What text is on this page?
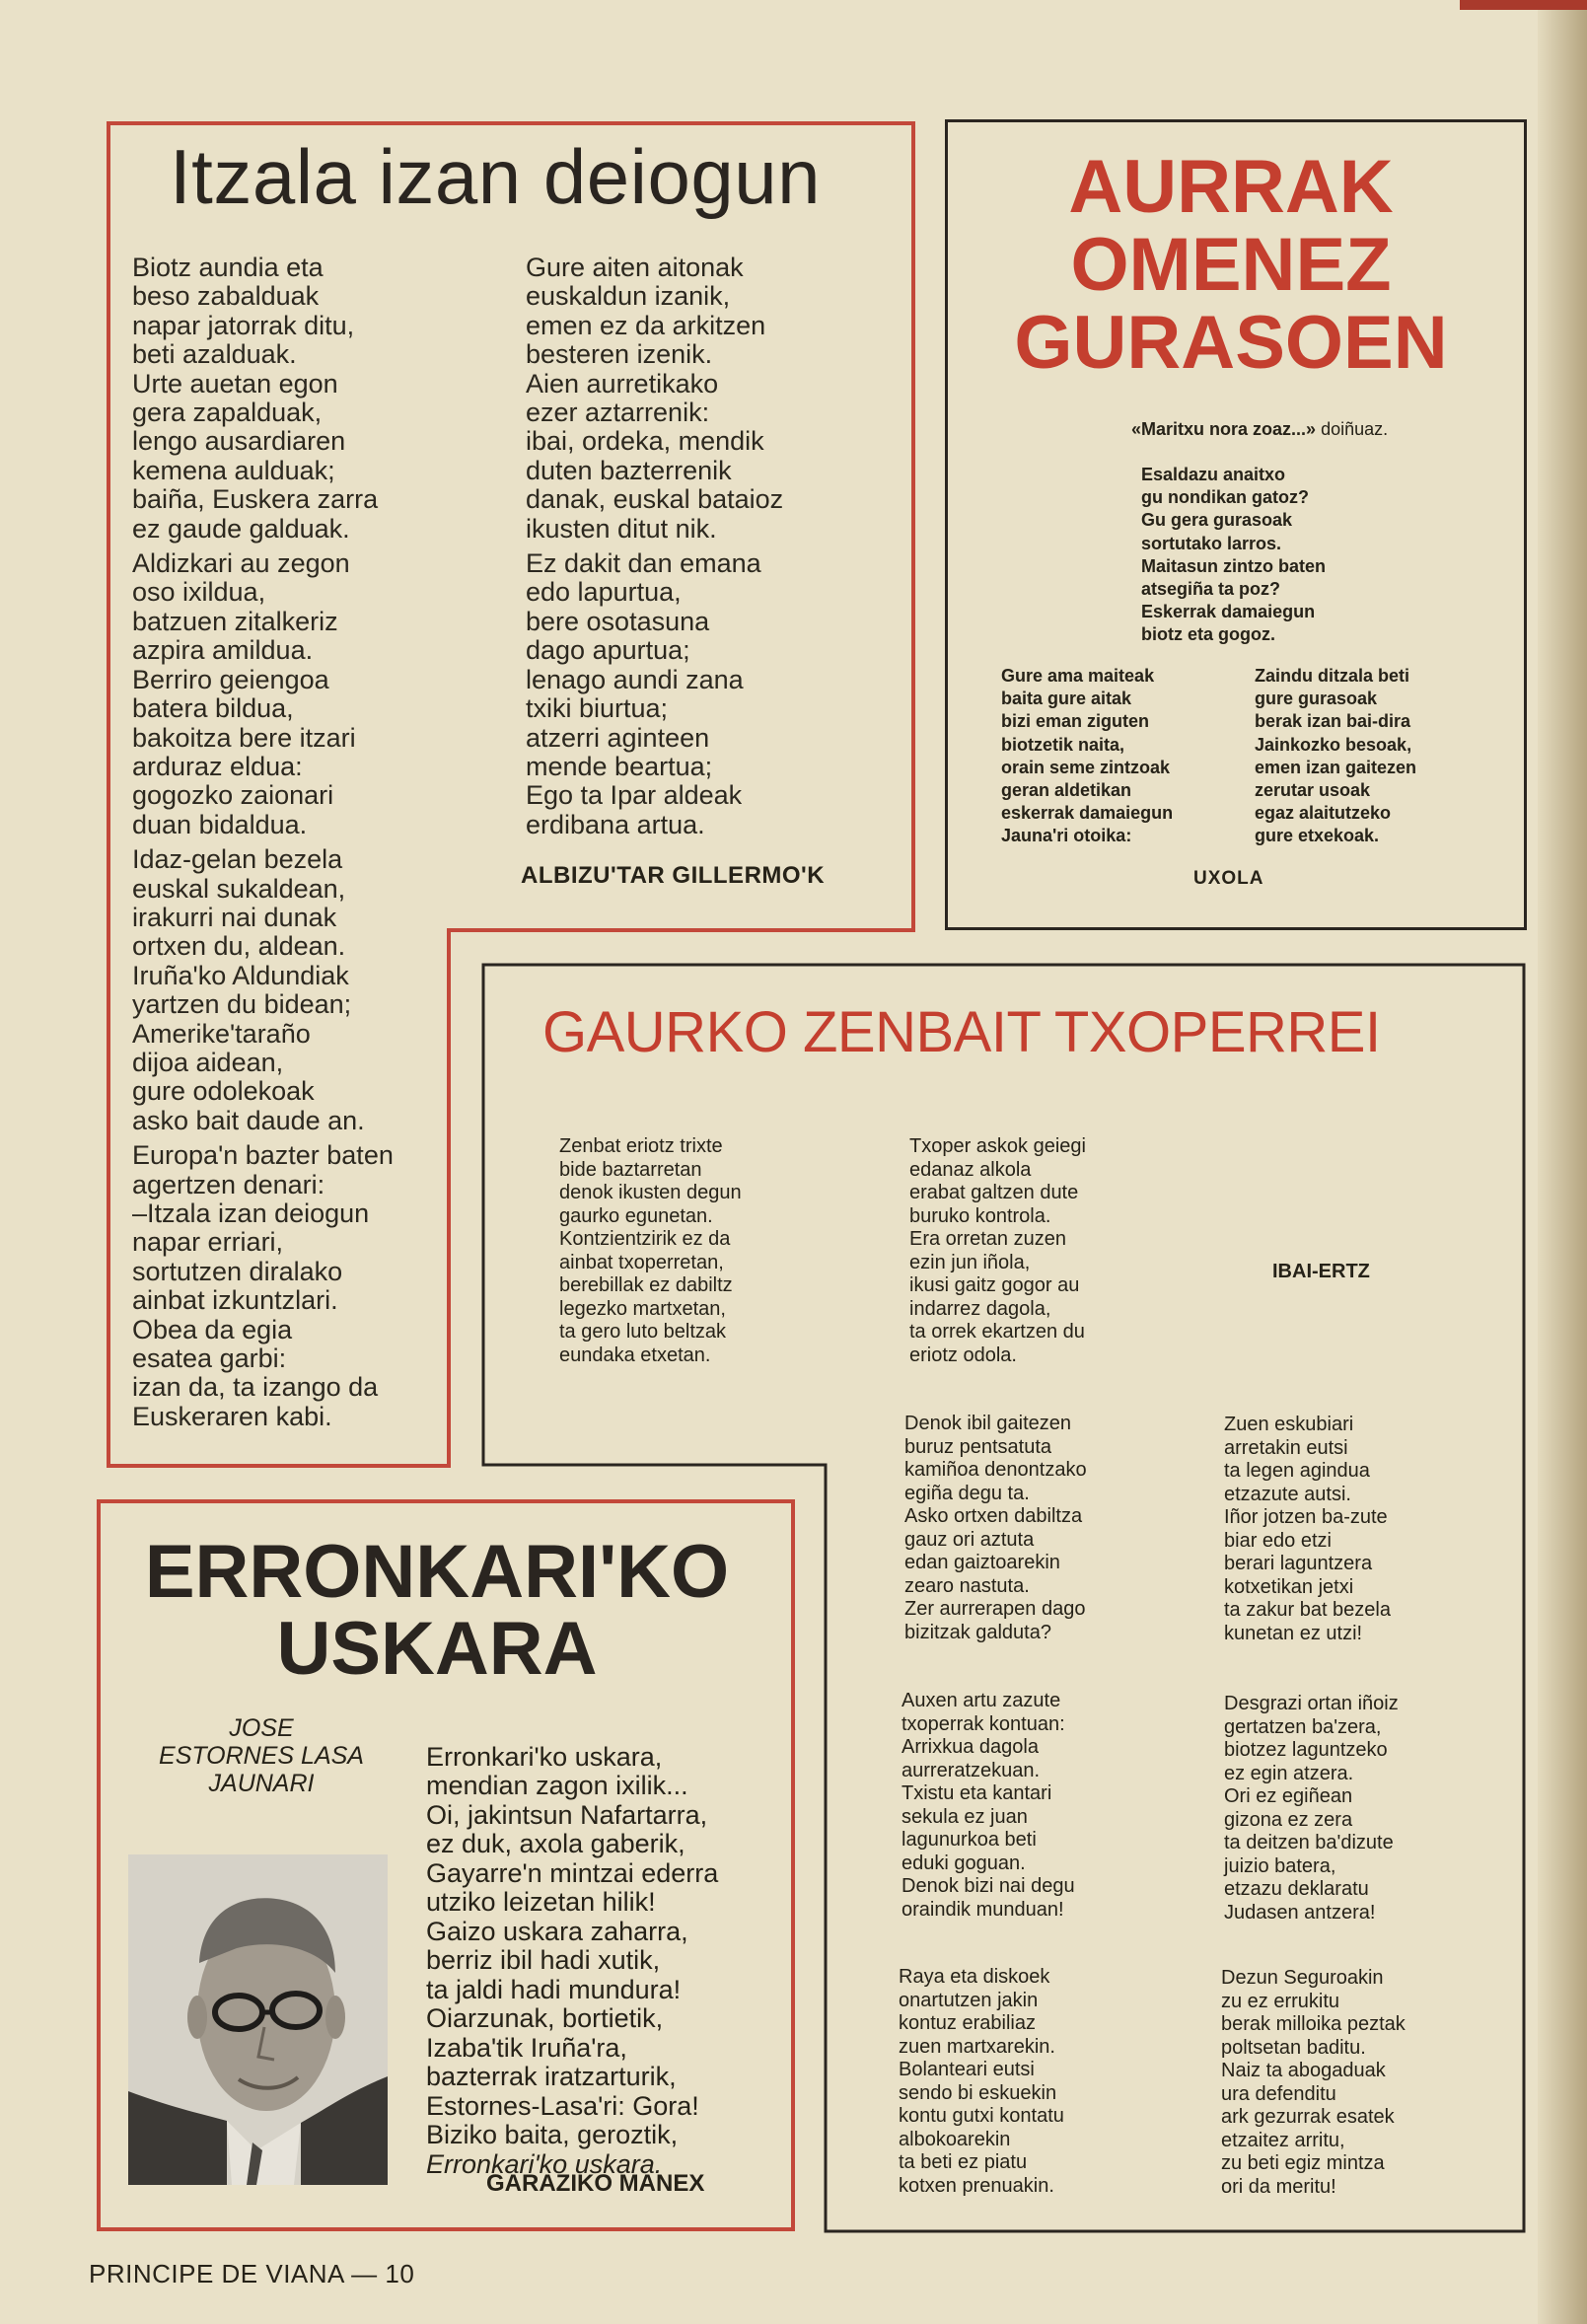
Itzala izan deiogun

Biotz aundia eta
beso zabalduak
napar jatorrak ditu,
beti azalduak.
Urte auetan egon
gera zapalduak,
lengo ausardiaren
kemena aulduak;
baiña, Euskera zarra
ez gaude galduak.

Aldizkari au zegon
oso ixildua,
batzuen zitalkeriz
azpira amildua.
Berriro geiengoa
batera bildua,
bakoitza bere itzari
arduraz eldua:
gogozko zaionari
duan bidaldua.

Idaz-gelan bezela
euskal sukaldean,
irakurri nai dunak
ortxen du, aldean.
Iruña'ko Aldundiak
yartzen du bidean;
Amerike'taraño
dijoa aidean,
gure odolekoak
asko bait daude an.

Europa'n bazter baten
agertzen denari:
–Itzala izan deiogun
napar erriari,
sortutzen diralako
ainbat izkuntzlari.
Obea da egia
esatea garbi:
izan da, ta izango da
Euskeraren kabi.

Gure aiten aitonak
euskaldun izanik,
emen ez da arkitzen
besteren izenik.
Aien aurretikako
ezer aztarrenik:
ibai, ordeka, mendik
duten bazterrenik
danak, euskal bataioz
ikusten ditut nik.

Ez dakit dan emana
edo lapurtua,
bere osotasuna
dago apurtua;
lenago aundi zana
txiki biurtua;
atzerri aginteen
mende beartua;
Ego ta Ipar aldeak
erdibana artua.

ALBIZU'TAR GILLERMO'K
AURRAK
OMENEZ
GURASOEN
«Maritxu nora zoaz...» doiñuaz.
Esaldazu anaitxo
gu nondikan gatoz?
Gu gera gurasoak
sortutako larros.
Maitasun zintzo baten
atsegiña ta poz?
Eskerrak damaiegun
biotz eta gogoz.
Gure ama maiteak
baita gure aitak
bizi eman ziguten
biotzetik naita,
orain seme zintzoak
geran aldetikan
eskerrak damaiegun
Jauna'ri otoika:
Zaindu ditzala beti
gure gurasoak
berak izan bai-dira
Jainkozko besoak,
emen izan gaitezen
zerutar usoak
egaz alaitutzeko
gure etxekoak.
UXOLA
GAURKO ZENBAIT TXOPERREI
Zenbat eriotz trixte
bide baztarretan
denok ikusten degun
gaurko egunetan.
Kontzientzirik ez da
ainbat txoperretan,
berebillak ez dabiltz
legezko martxetan,
ta gero luto beltzak
eundaka etxetan.
Txoper askok geiegi
edanaz alkola
erabat galtzen dute
buruko kontrola.
Era orretan zuzen
ezin jun iñola,
ikusi gaitz gogor au
indarrez dagola,
ta orrek ekartzen du
eriotz odola.
IBAI-ERTZ
Denok ibil gaitezen
buruz pentsatuta
kamiñoa denontzako
egiña degu ta.
Asko ortxen dabiltza
gauz ori aztuta
edan gaiztoarekin
zearo nastuta.
Zer aurrerapen dago
bizitzak galduta?
Zuen eskubiari
arretakin eutsi
ta legen agindua
etzazute autsi.
Iñor jotzen ba-zute
biar edo etzi
berari laguntzera
kotxetikan jetxi
ta zakur bat bezela
kunetan ez utzi!
Auxen artu zazute
txoperrak kontuan:
Arrixkua dagola
aurreratzekuan.
Txistu eta kantari
sekula ez juan
lagunurkoa beti
eduki goguan.
Denok bizi nai degu
oraindik munduan!
Desgrazi ortan iñoiz
gertatzen ba'zera,
biotzez laguntzeko
ez egin atzera.
Ori ez egiñean
gizona ez zera
ta deitzen ba'dizute
juizio batera,
etzazu deklaratu
Judasen antzera!
Raya eta diskoek
onartutzen jakin
kontuz erabiliaz
zuen martxarekin.
Bolanteari eutsi
sendo bi eskuekin
kontu gutxi kontatu
albokoarekin
ta beti ez piatu
kotxen prenuakin.
Dezun Seguroakin
zu ez errukitu
berak milloika peztak
poltsetan baditu.
Naiz ta abogaduak
ura defenditu
ark gezurrak esatek
etzaitez arritu,
zu beti egiz mintza
ori da meritu!
ERRONKARI'KO
USKARA
JOSE
ESTORNES LASA
JAUNARI

Erronkari'ko uskara,
mendian zagon ixilik...
Oi, jakintsun Nafartarra,
ez duk, axola gaberik,
Gayarre'n mintzai ederra
utziko leizetan hilik!
Gaizo uskara zaharra,
berriz ibil hadi xutik,
ta jaldi hadi mundura!
Oiarzunak, bortietik,
Izaba'tik Iruña'ra,
bazterrak iratzarturik,
Estornes-Lasa'ri: Gora!
Biziko baita, geroztik,

Erronkari'ko uskara.

GARAZIKO MANEX
PRINCIPE DE VIANA — 10
